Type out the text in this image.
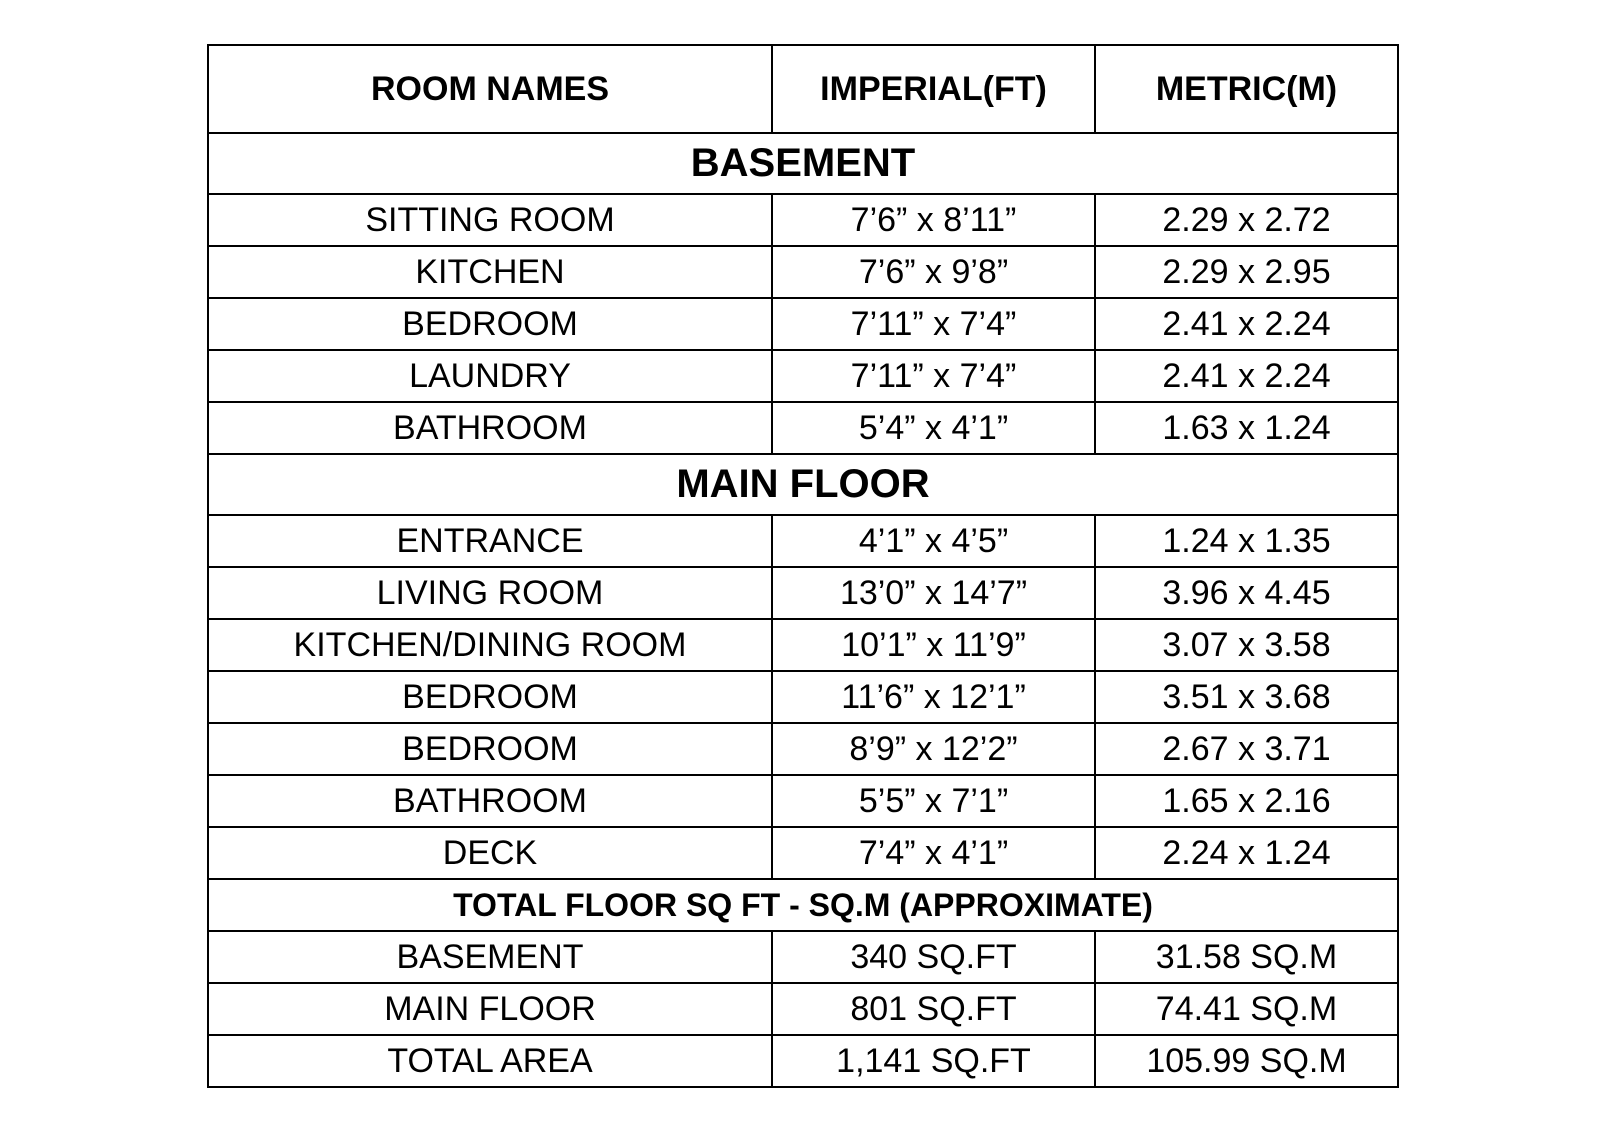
ROOM NAMES	IMPERIAL(FT)	METRIC(M)
BASEMENT		
SITTING ROOM	7’6” x 8’11”	2.29 x 2.72
KITCHEN	7’6” x 9’8”	2.29 x 2.95
BEDROOM	7’11” x 7’4”	2.41 x 2.24
LAUNDRY	7’11” x 7’4”	2.41 x 2.24
BATHROOM	5’4” x 4’1”	1.63 x 1.24
MAIN FLOOR		
ENTRANCE	4’1” x 4’5”	1.24 x 1.35
LIVING ROOM	13’0” x 14’7”	3.96 x 4.45
KITCHEN/DINING ROOM	10’1” x 11’9”	3.07 x 3.58
BEDROOM	11’6” x 12’1”	3.51 x 3.68
BEDROOM	8’9” x 12’2”	2.67 x 3.71
BATHROOM	5’5” x 7’1”	1.65 x 2.16
DECK	7’4” x 4’1”	2.24 x 1.24
TOTAL FLOOR SQ FT - SQ.M (APPROXIMATE)		
BASEMENT	340 SQ.FT	31.58 SQ.M
MAIN FLOOR	801 SQ.FT	74.41 SQ.M
TOTAL AREA	1,141 SQ.FT	105.99 SQ.M
